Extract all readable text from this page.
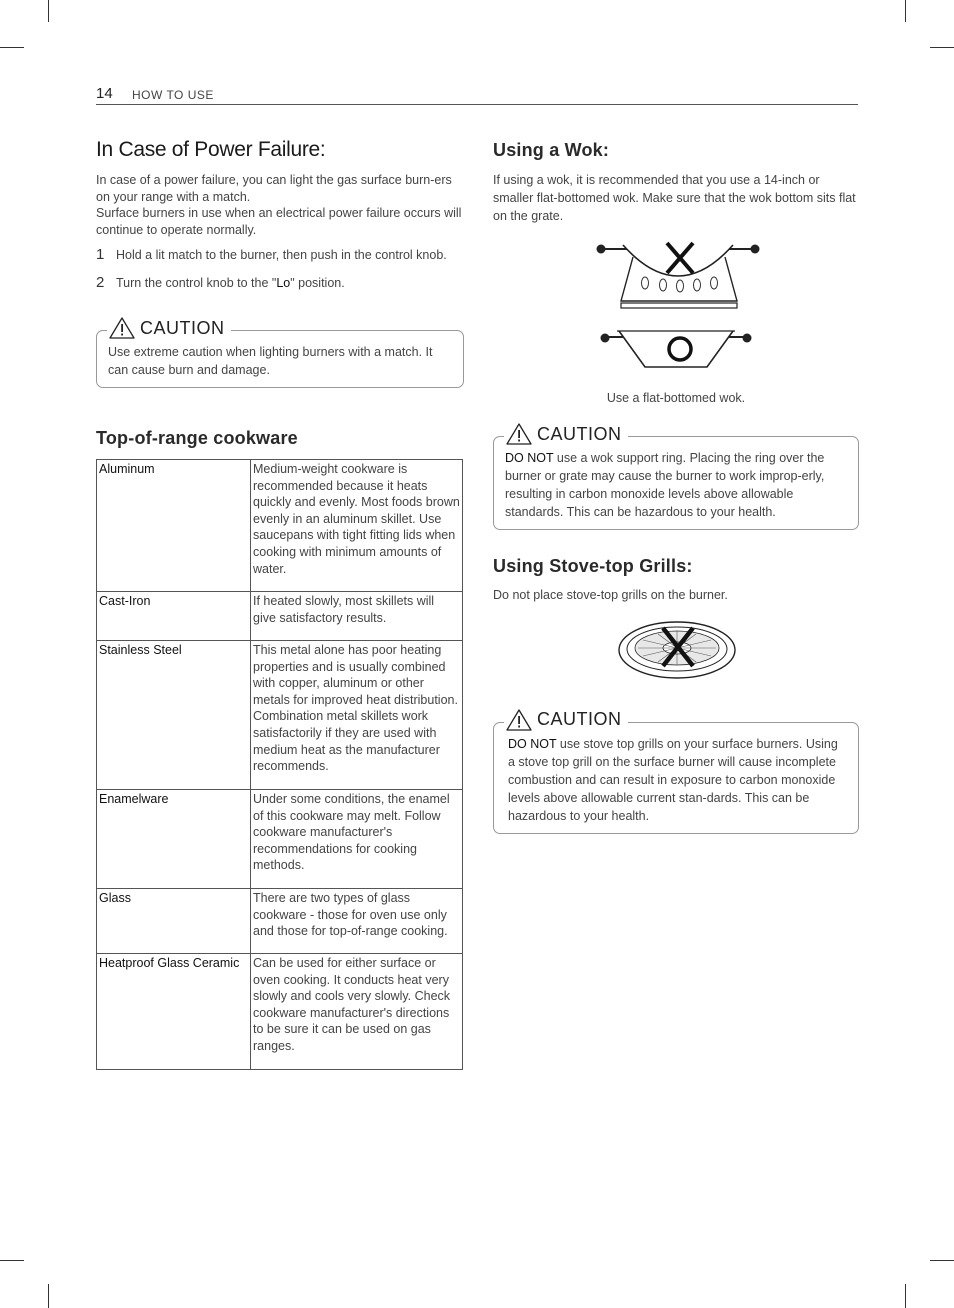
14 HOW TO USE
In Case of Power Failure:

In case of a power failure, you can light the gas surface burn-ers on your range with a match.

Surface burners in use when an electrical power failure occurs will continue to operate normally.

1 Hold a lit match to the burner, then push in the control knob.
2 Turn the control knob to the "Lo" position.
CAUTION
Use extreme caution when lighting burners with a match. It can cause burn and damage.
Top-of-range cookware
Aluminum	Medium-weight cookware is recommended because it heats quickly and evenly. Most foods brown evenly in an aluminum skillet. Use saucepans with tight fitting lids when cooking with minimum amounts of water.
Cast-Iron	If heated slowly, most skillets will give satisfactory results.
Stainless Steel	This metal alone has poor heating properties and is usually combined with copper, aluminum or other metals for improved heat distribution. Combination metal skillets work satisfactorily if they are used with medium heat as the manufacturer recommends.
Enamelware	Under some conditions, the enamel of this cookware may melt. Follow cookware manufacturer's recommendations for cooking methods.
Glass	There are two types of glass cookware - those for oven use only and those for top-of-range cooking.
Heatproof Glass Ceramic	Can be used for either surface or oven cooking. It conducts heat very slowly and cools very slowly. Check cookware manufacturer's directions to be sure it can be used on gas ranges.
Using a Wok:

If using a wok, it is recommended that you use a 14-inch or smaller flat-bottomed wok. Make sure that the wok bottom sits flat on the grate.

Use a flat-bottomed wok.
CAUTION
DO NOT use a wok support ring. Placing the ring over the burner or grate may cause the burner to work improp-erly, resulting in carbon monoxide levels above allowable standards. This can be hazardous to your health.
Using Stove-top Grills:

Do not place stove-top grills on the burner.

CAUTION
DO NOT use stove top grills on your surface burners. Using a stove top grill on the surface burner will cause incomplete combustion and can result in exposure to carbon monoxide levels above allowable current stan-dards. This can be hazardous to your health.
